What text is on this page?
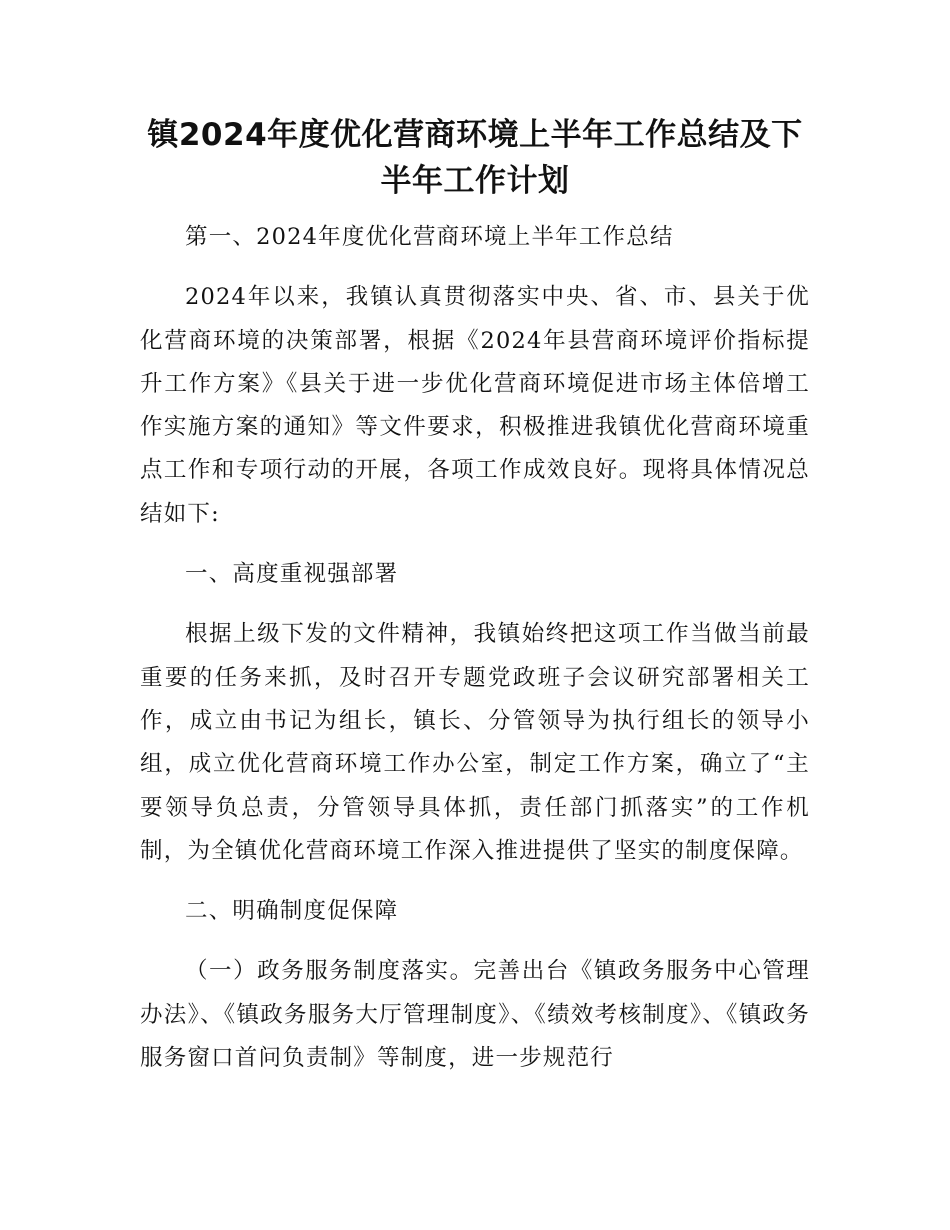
镇2024年度优化营商环境上半年工作总结及下
半年工作计划

第一、2024年度优化营商环境上半年工作总结

2024年以来，我镇认真贯彻落实中央、省、市、县关于优化营商环境的决策部署，根据《2024年县营商环境评价指标提升工作方案》《县关于进一步优化营商环境促进市场主体倍增工作实施方案的通知》等文件要求，积极推进我镇优化营商环境重点工作和专项行动的开展，各项工作成效良好。现将具体情况总结如下:

一、高度重视强部署

根据上级下发的文件精神，我镇始终把这项工作当做当前最重要的任务来抓，及时召开专题党政班子会议研究部署相关工作，成立由书记为组长，镇长、分管领导为执行组长的领导小组，成立优化营商环境工作办公室，制定工作方案，确立了“主要领导负总责，分管领导具体抓，责任部门抓落实”的工作机制，为全镇优化营商环境工作深入推进提供了坚实的制度保障。

二、明确制度促保障

（一）政务服务制度落实。完善出台《镇政务服务中心管理办法》、《镇政务服务大厅管理制度》、《绩效考核制度》、《镇政务服务窗口首问负责制》等制度，进一步规范行
